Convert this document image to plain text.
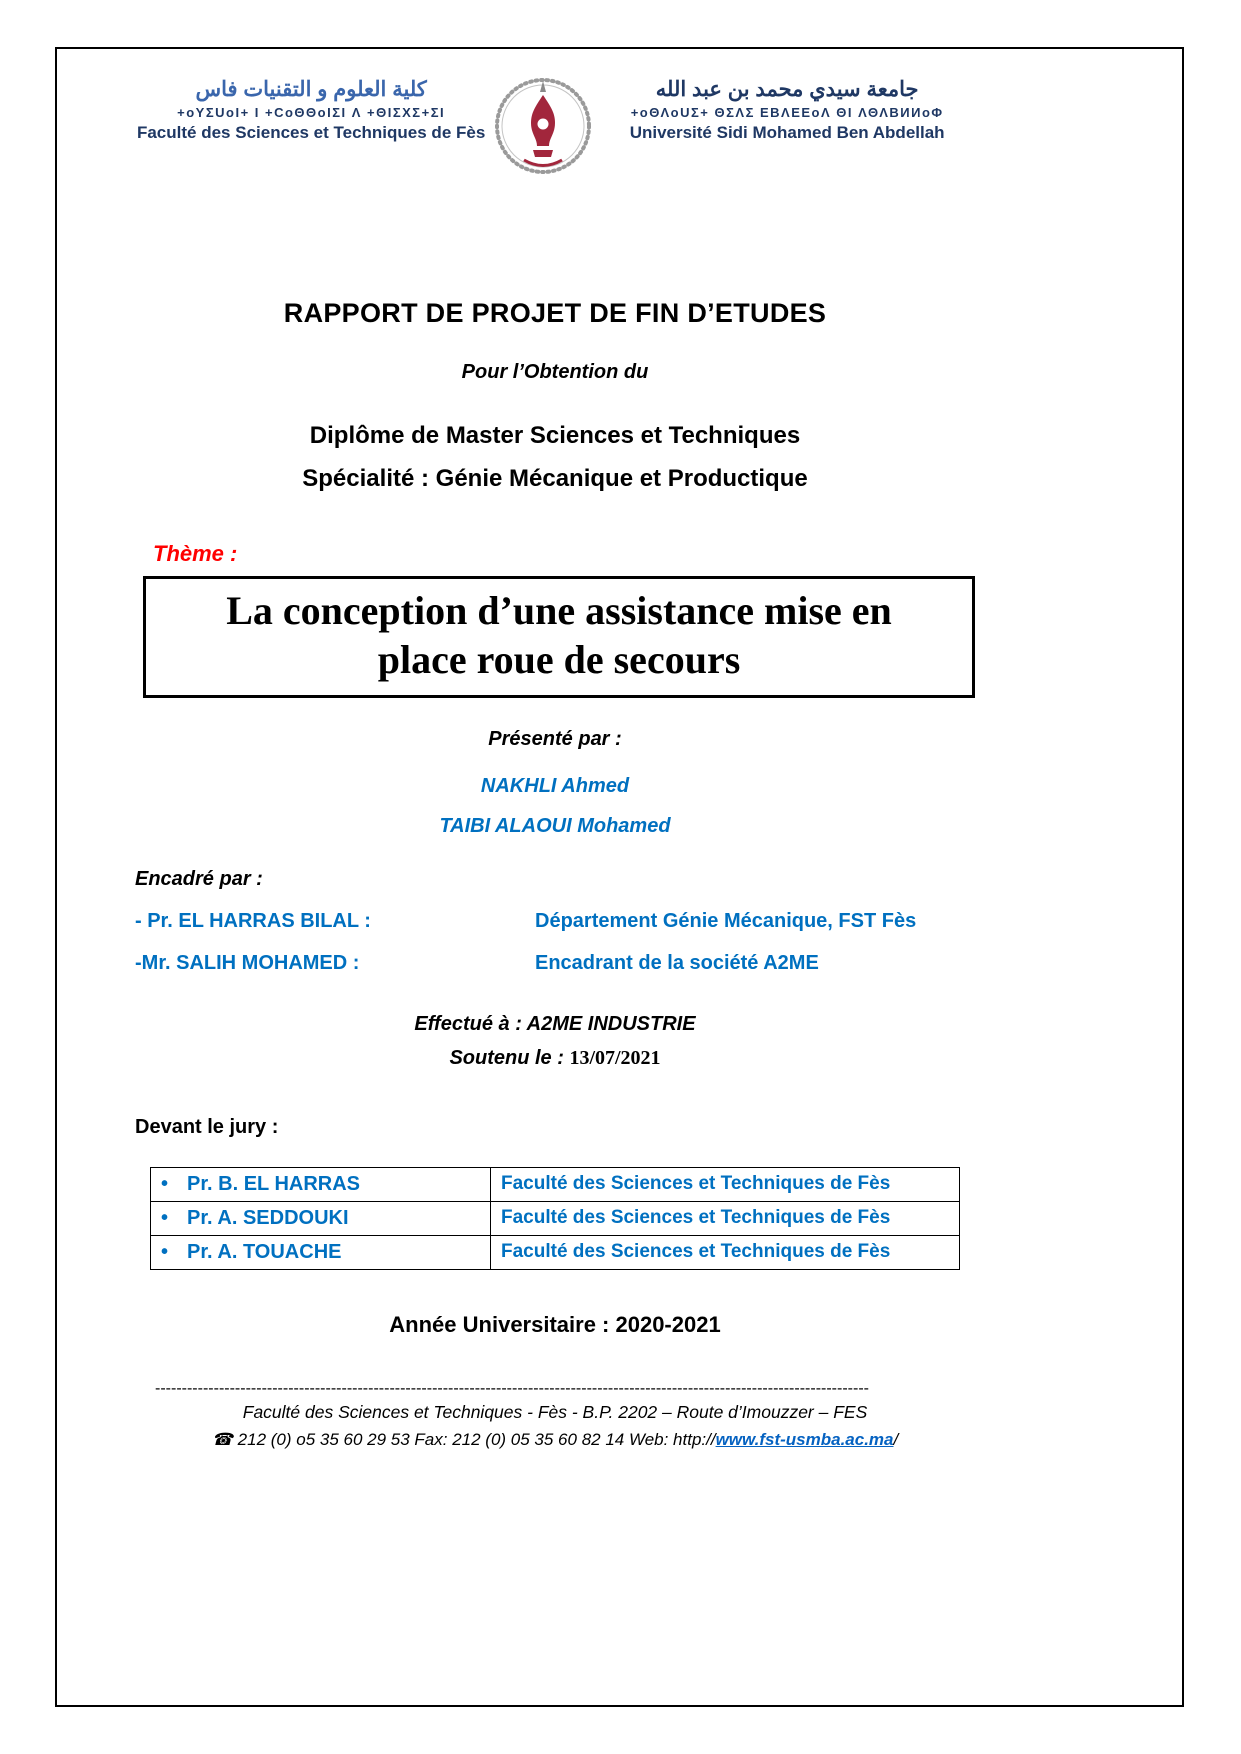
كلية العلوم و التقنيات فاس
+oYΣUoI+ I +CoΘΘoIΣI Λ +ΘIΣXΣ+ΣI
Faculté des Sciences et Techniques de Fès
جامعة سيدي محمد بن عبد الله
+oΘΛoUΣ+ ΘΣΛΣ ΕΒΛΕΕoΛ ΘI ΛΘΛΒИИoΦ
Université Sidi Mohamed Ben Abdellah
RAPPORT DE PROJET DE FIN D’ETUDES
Pour l’Obtention du
Diplôme de Master Sciences et Techniques
Spécialité : Génie Mécanique et Productique
Thème :
La conception d’une assistance mise en
place roue de secours
Présenté par :
NAKHLI Ahmed
TAIBI ALAOUI Mohamed
Encadré par :
- Pr. EL HARRAS BILAL :	Département Génie Mécanique, FST Fès
-Mr. SALIH MOHAMED :	Encadrant de la société A2ME
Effectué à : A2ME INDUSTRIE
Soutenu le : 13/07/2021
Devant le jury :
• Pr. B. EL HARRAS	Faculté des Sciences et Techniques de Fès
• Pr. A. SEDDOUKI	Faculté des Sciences et Techniques de Fès
• Pr. A. TOUACHE	Faculté des Sciences et Techniques de Fès
Année Universitaire : 2020-2021
--------------------------------------------------------------------------------------------------------------------------------------
Faculté des Sciences et Techniques - Fès - B.P. 2202 – Route d’Imouzzer – FES
☎ 212 (0) o5 35 60 29 53 Fax: 212 (0) 05 35 60 82 14 Web: http://www.fst-usmba.ac.ma/
